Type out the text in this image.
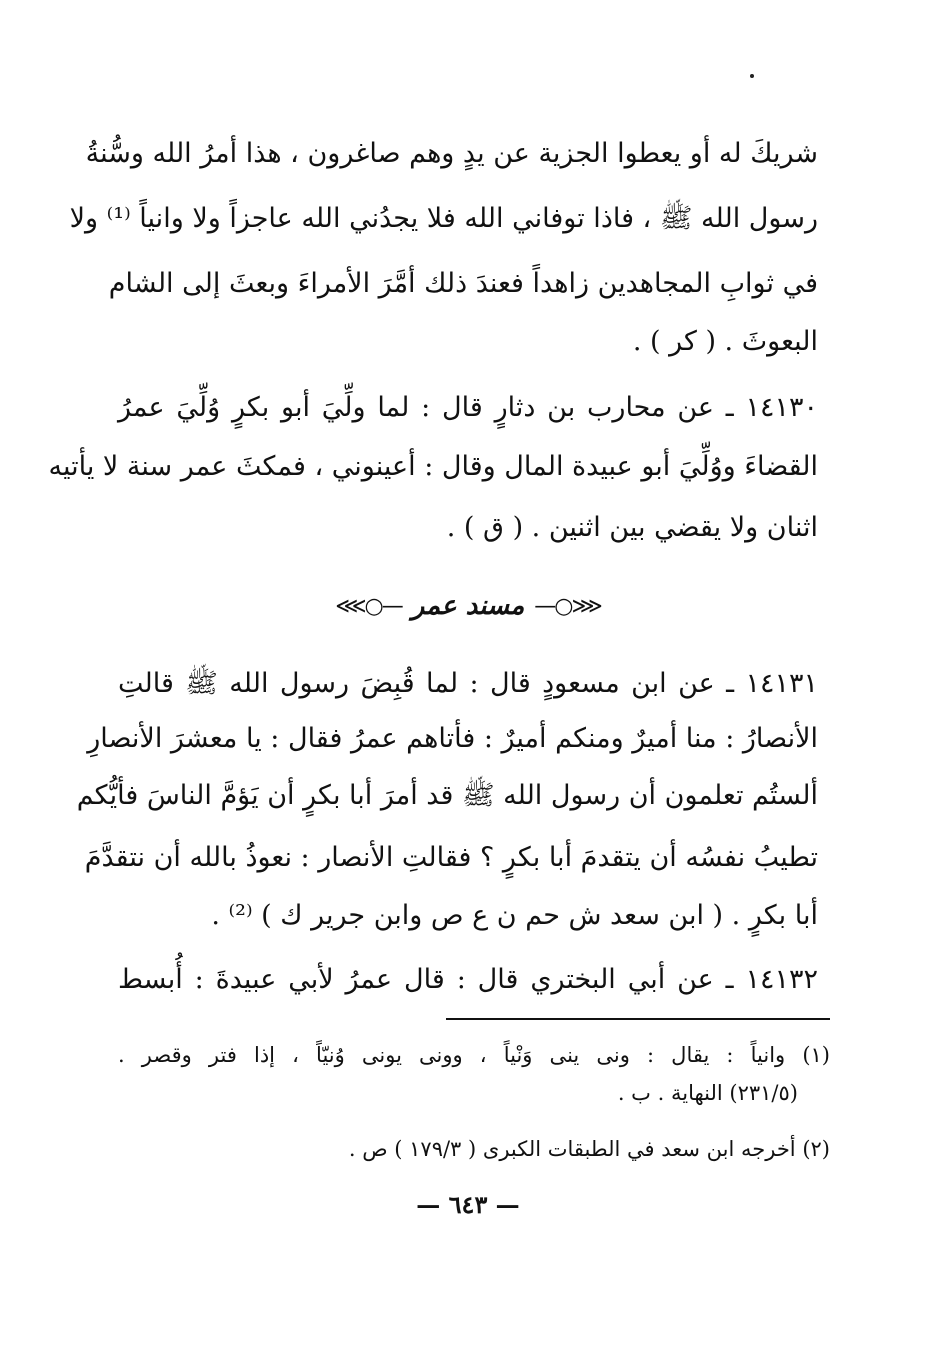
شريكَ له أو يعطوا الجزية عن يدٍ وهم صاغرون ، هذا أمرُ الله وسُّنةُ
رسول الله ﷺ ، فاذا توفاني الله فلا يجدُني الله عاجزاً ولا وانياً ⁽¹⁾ ولا
في ثوابِ المجاهدين زاهداً فعندَ ذلك أمَّرَ الأمراءَ وبعثَ إلى الشام
البعوثَ . ( كر ) .
١٤١٣٠ ـ عن محارب بن دثارٍ قال : لما ولِّيَ أبو بكرٍ وُلِّيَ عمرُ
القضاءَ ووُلِّيَ أبو عبيدة المال وقال : أعينوني ، فمكثَ عمر سنة لا يأتيه
اثنان ولا يقضي بين اثنين . ( ق ) .
⋘○—
مسند عمر
—○⋙
١٤١٣١ ـ عن ابن مسعودٍ قال : لما قُبِضَ رسول الله ﷺ قالتِ
الأنصارُ : منا أميرٌ ومنكم أميرٌ : فأتاهم عمرُ فقال : يا معشرَ الأنصارِ
ألستُم تعلمون أن رسول الله ﷺ قد أمرَ أبا بكرٍ أن يَؤمَّ الناسَ فأيُّكم
تطيبُ نفسُه أن يتقدمَ أبا بكرٍ ؟ فقالتِ الأنصار : نعوذُ بالله أن نتقدَّمَ
أبا بكرٍ . ( ابن سعد ش حم ن ع ص وابن جرير ك ) ⁽²⁾ .
١٤١٣٢ ـ عن أبي البختري قال : قال عمرُ لأبي عبيدةَ : أُبسط
(١) وانياً : يقال : ونى ينى وَنْياً ، وونى يونى وُنيّاً ، إذا فتر وقصر .
(٢٣١/٥) النهاية . ب .
(٢) أخرجه ابن سعد في الطبقات الكبرى ( ١٧٩/٣ ) ص .
— ٦٤٣ —
